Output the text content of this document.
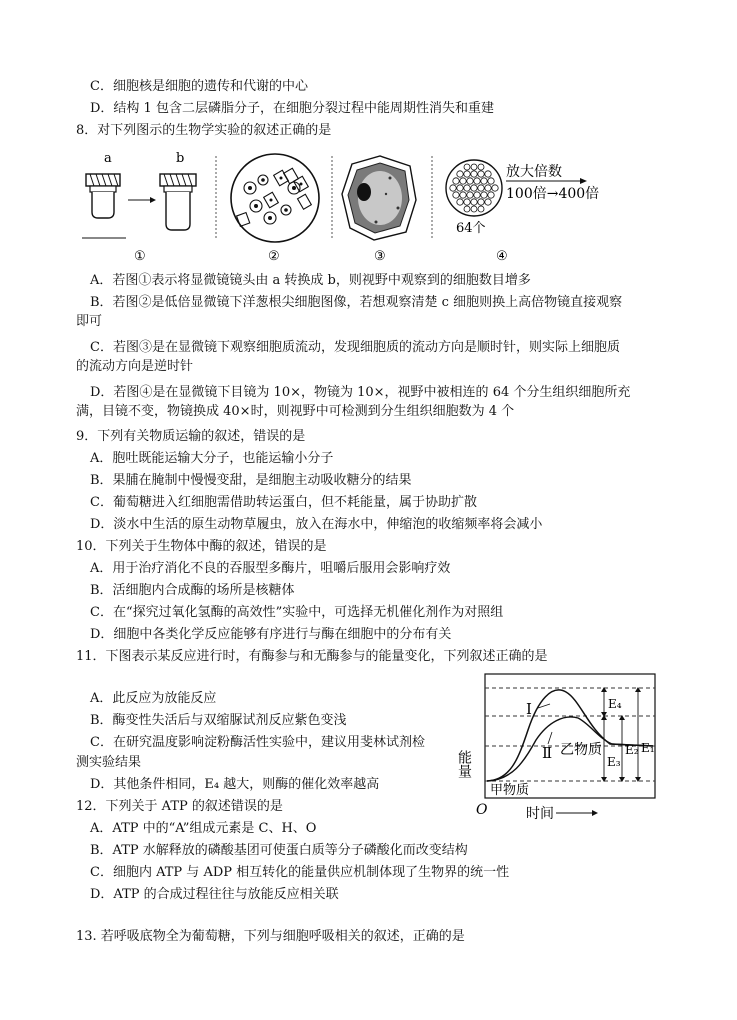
C．细胞核是细胞的遗传和代谢的中心
D．结构 1 包含二层磷脂分子，在细胞分裂过程中能周期性消失和重建
8．对下列图示的生物学实验的叙述正确的是
a	b
①	②	③
放大倍数
100倍→400倍
64个
④
A．若图①表示将显微镜镜头由 a 转换成 b，则视野中观察到的细胞数目增多
B．若图②是低倍显微镜下洋葱根尖细胞图像，若想观察清楚 c 细胞则换上高倍物镜直接观察
即可
C．若图③是在显微镜下观察细胞质流动，发现细胞质的流动方向是顺时针，则实际上细胞质
的流动方向是逆时针
D．若图④是在显微镜下目镜为 10×，物镜为 10×，视野中被相连的 64 个分生组织细胞所充
满，目镜不变，物镜换成 40×时，则视野中可检测到分生组织细胞数为 4 个
9．下列有关物质运输的叙述，错误的是
A．胞吐既能运输大分子，也能运输小分子
B．果脯在腌制中慢慢变甜，是细胞主动吸收糖分的结果
C．葡萄糖进入红细胞需借助转运蛋白，但不耗能量，属于协助扩散
D．淡水中生活的原生动物草履虫，放入在海水中，伸缩泡的收缩频率将会减小
10．下列关于生物体中酶的叙述，错误的是
A．用于治疗消化不良的吞服型多酶片，咀嚼后服用会影响疗效
B．活细胞内合成酶的场所是核糖体
C．在“探究过氧化氢酶的高效性”实验中，可选择无机催化剂作为对照组
D．细胞中各类化学反应能够有序进行与酶在细胞中的分布有关
11．下图表示某反应进行时，有酶参与和无酶参与的能量变化，下列叙述正确的是
A．此反应为放能反应
B．酶变性失活后与双缩脲试剂反应紫色变浅
C．在研究温度影响淀粉酶活性实验中，建议用斐林试剂检
测实验结果
D．其他条件相同，E₄ 越大，则酶的催化效率越高
Ⅰ
Ⅱ 乙物质
甲物质
E₄
E₃
E₂ E₁
能量
O	时间
12．下列关于 ATP 的叙述错误的是
A．ATP 中的“A”组成元素是 C、H、O
B．ATP 水解释放的磷酸基团可使蛋白质等分子磷酸化而改变结构
C．细胞内 ATP 与 ADP 相互转化的能量供应机制体现了生物界的统一性
D．ATP 的合成过程往往与放能反应相关联
13. 若呼吸底物全为葡萄糖，下列与细胞呼吸相关的叙述，正确的是
